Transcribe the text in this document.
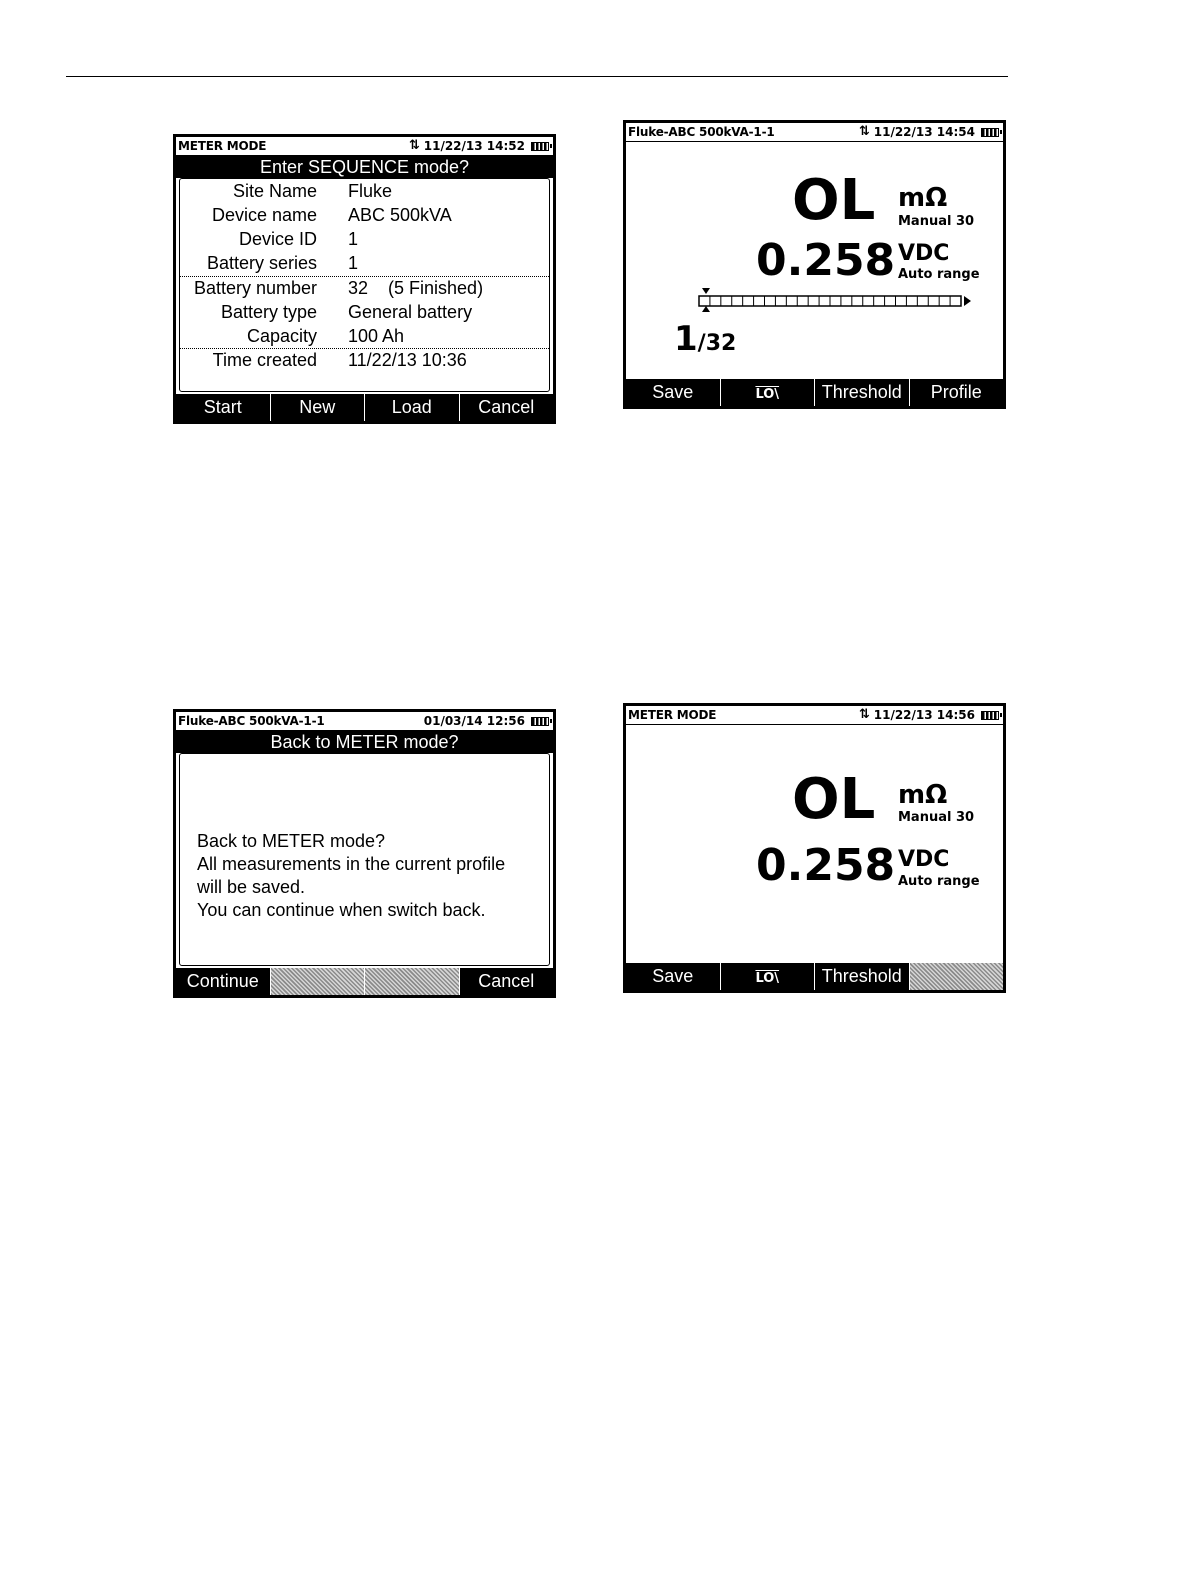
METER MODE	⇅ 11/22/13 14:52
Enter SEQUENCE mode?
Site Name Fluke
Device name ABC 500kVA
Device ID 1
Battery series 1
Battery number 32    (5 Finished)
Battery type General battery
Capacity 100 Ah
Time created 11/22/13 10:36
Start	New	Load	Cancel
Fluke-ABC 500kVA-1-1	⇅ 11/22/13 14:54
OL mΩ
Manual 30
0.258 VDC
Auto range
1/32
Save	LO\	Threshold	Profile
Fluke-ABC 500kVA-1-1	01/03/14 12:56
Back to METER mode?
Back to METER mode?
All measurements in the current profile
will be saved.
You can continue when switch back.
Continue	Cancel
METER MODE	⇅ 11/22/13 14:56
OL mΩ
Manual 30
0.258 VDC
Auto range
Save	LO\	Threshold
